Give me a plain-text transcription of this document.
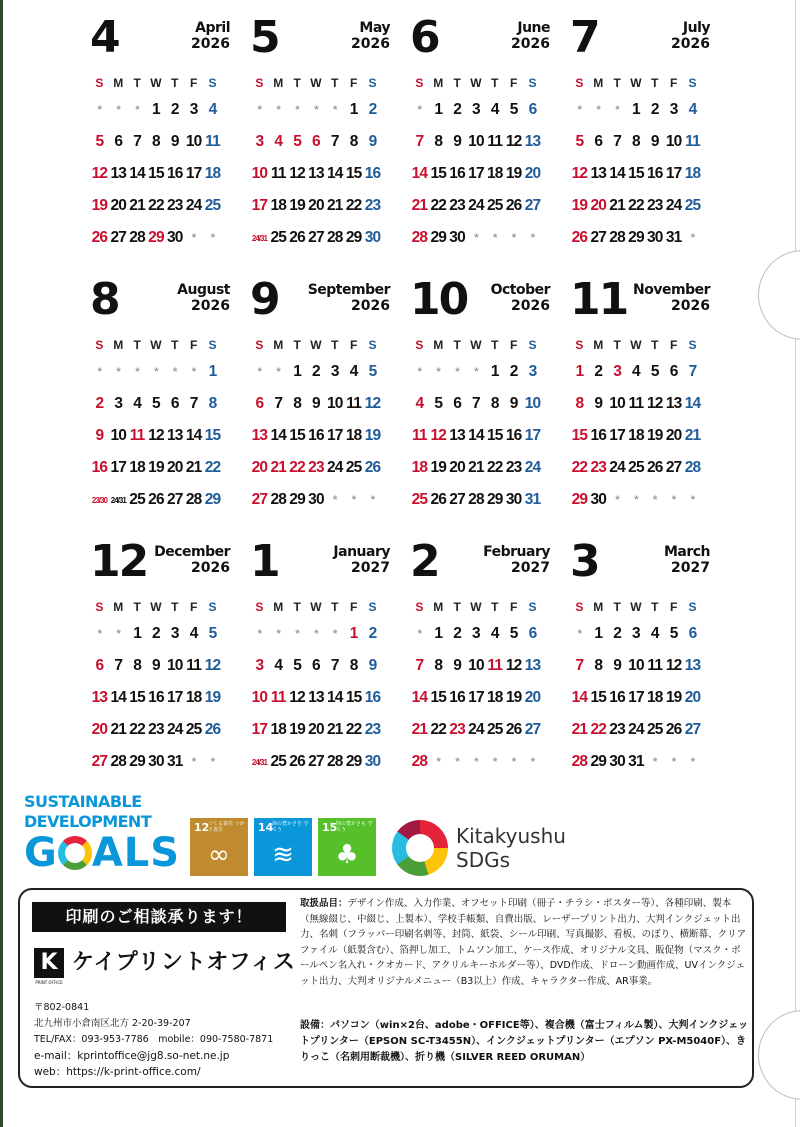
4	April
2026
S	M	T	W	T	F	S
*	*	*	1	2	3	4
5	6	7	8	9	10	11
12	13	14	15	16	17	18
19	20	21	22	23	24	25
26	27	28	29	30	*	*
5	May
2026
S	M	T	W	T	F	S
*	*	*	*	*	1	2
3	4	5	6	7	8	9
10	11	12	13	14	15	16
17	18	19	20	21	22	23
24/31	25	26	27	28	29	30
6	June
2026
S	M	T	W	T	F	S
*	1	2	3	4	5	6
7	8	9	10	11	12	13
14	15	16	17	18	19	20
21	22	23	24	25	26	27
28	29	30	*	*	*	*
7	July
2026
S	M	T	W	T	F	S
*	*	*	1	2	3	4
5	6	7	8	9	10	11
12	13	14	15	16	17	18
19	20	21	22	23	24	25
26	27	28	29	30	31	*
8	August
2026
S	M	T	W	T	F	S
*	*	*	*	*	*	1
2	3	4	5	6	7	8
9	10	11	12	13	14	15
16	17	18	19	20	21	22
23/30	24/31	25	26	27	28	29
9 September
2026
S	M	T	W	T	F	S
*	*	1	2	3	4	5
6	7	8	9	10	11	12
13	14	15	16	17	18	19
20	21	22	23	24	25	26
27	28	29	30	*	*	*
10 October
2026
S	M	T	W	T	F	S
*	*	*	*	1	2	3
4	5	6	7	8	9	10
11	12	13	14	15	16	17
18	19	20	21	22	23	24
25	26	27	28	29	30	31
11 November
2026
S	M	T	W	T	F	S
1	2	3	4	5	6	7
8	9	10	11	12	13	14
15	16	17	18	19	20	21
22	23	24	25	26	27	28
29	30	*	*	*	*	*
12 December
2026
S	M	T	W	T	F	S
*	*	1	2	3	4	5
6	7	8	9	10	11	12
13	14	15	16	17	18	19
20	21	22	23	24	25	26
27	28	29	30	31	*	*
1	January
2027
S	M	T	W	T	F	S
*	*	*	*	*	1	2
3	4	5	6	7	8	9
10	11	12	13	14	15	16
17	18	19	20	21	22	23
24/31	25	26	27	28	29	30
2	February
2027
S	M	T	W	T	F	S
*	1	2	3	4	5	6
7	8	9	10	11	12	13
14	15	16	17	18	19	20
21	22	23	24	25	26	27
28	*	*	*	*	*	*
3	March
2027
S	M	T	W	T	F	S
*	1	2	3	4	5	6
7	8	9	10	11	12	13
14	15	16	17	18	19	20
21	22	23	24	25	26	27
28	29	30	31	*	*	*
SUSTAINABLE
DEVELOPMENT
G ALS
12
つくる責任 つかう責任
∞
14
海の豊かさを 守ろう
≋
15
陸の豊かさも 守ろう
♣
Kitakyushu
SDGs
印刷のご相談承ります！
K
PRINT OFFICE
ケイプリントオフィス
〒802-0841
北九州市小倉南区北方 2-20-39-207
TEL/FAX：093-953-7786　mobile：090-7580-7871
e-mail：kprintoffice@jg8.so-net.ne.jp
web：https://k-print-office.com/
取扱品目：デザイン作成、入力作業、オフセット印刷（冊子・チラシ・ポスター等）、各種印刷、製本（無線綴じ、中綴じ、上製本）、学校手帳類、自費出版、レーザープリント出力、大判インクジェット出力、名刺（フラッパー印刷名刺等、封筒、紙袋、シール印刷、写真撮影、看板、のぼり、横断幕、クリアファイル（紙製含む）、箔押し加工、トムソン加工、ケース作成、オリジナル文具、販促物（マスク・ボールペン名入れ・クオカード、アクリルキーホルダー等）、DVD作成、ドローン動画作成、UVインクジェット出力、大判オリジナルメニュー（B3以上）作成、キャラクター作成、AR事業。
設備：パソコン（win×2台、adobe・OFFICE等）、複合機（富士フィルム製）、大判インクジェットプリンター（EPSON SC-T3455N）、インクジェットプリンター（エプソン PX-M5040F）、きりっこ（名刺用断裁機）、折り機（SILVER REED ORUMAN）
